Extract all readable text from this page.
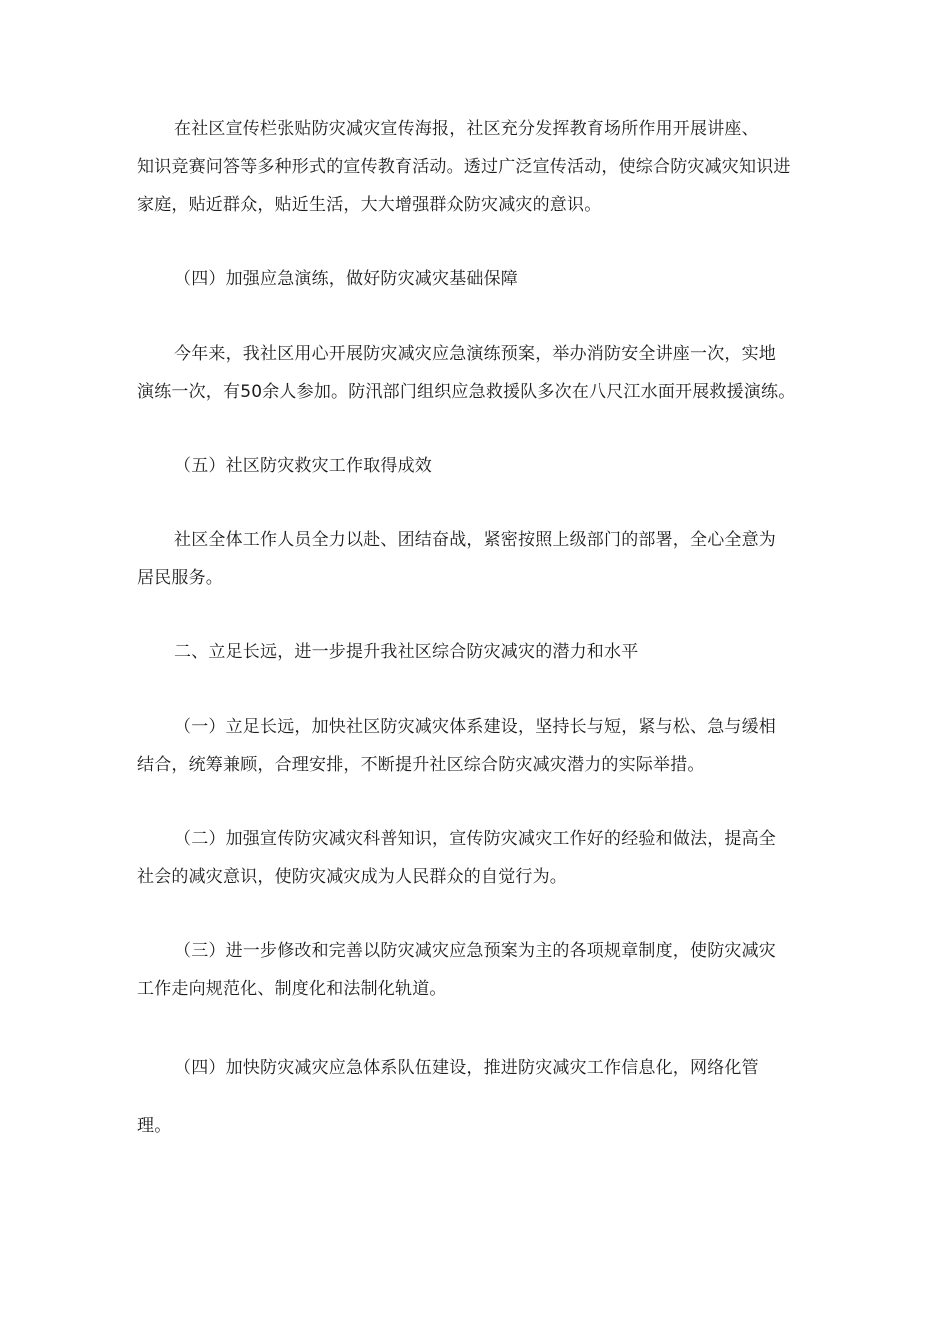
在社区宣传栏张贴防灾减灾宣传海报，社区充分发挥教育场所作用开展讲座、
知识竞赛问答等多种形式的宣传教育活动。透过广泛宣传活动，使综合防灾减灾知识进
家庭，贴近群众，贴近生活，大大增强群众防灾减灾的意识。
（四）加强应急演练，做好防灾减灾基础保障
今年来，我社区用心开展防灾减灾应急演练预案，举办消防安全讲座一次，实地
演练一次，有50余人参加。防汛部门组织应急救援队多次在八尺江水面开展救援演练。
（五）社区防灾救灾工作取得成效
社区全体工作人员全力以赴、团结奋战，紧密按照上级部门的部署，全心全意为
居民服务。
二、立足长远，进一步提升我社区综合防灾减灾的潜力和水平
（一）立足长远，加快社区防灾减灾体系建设，坚持长与短，紧与松、急与缓相
结合，统筹兼顾，合理安排，不断提升社区综合防灾减灾潜力的实际举措。
（二）加强宣传防灾减灾科普知识，宣传防灾减灾工作好的经验和做法，提高全
社会的减灾意识，使防灾减灾成为人民群众的自觉行为。
（三）进一步修改和完善以防灾减灾应急预案为主的各项规章制度，使防灾减灾
工作走向规范化、制度化和法制化轨道。
（四）加快防灾减灾应急体系队伍建设，推进防灾减灾工作信息化，网络化管
理。
